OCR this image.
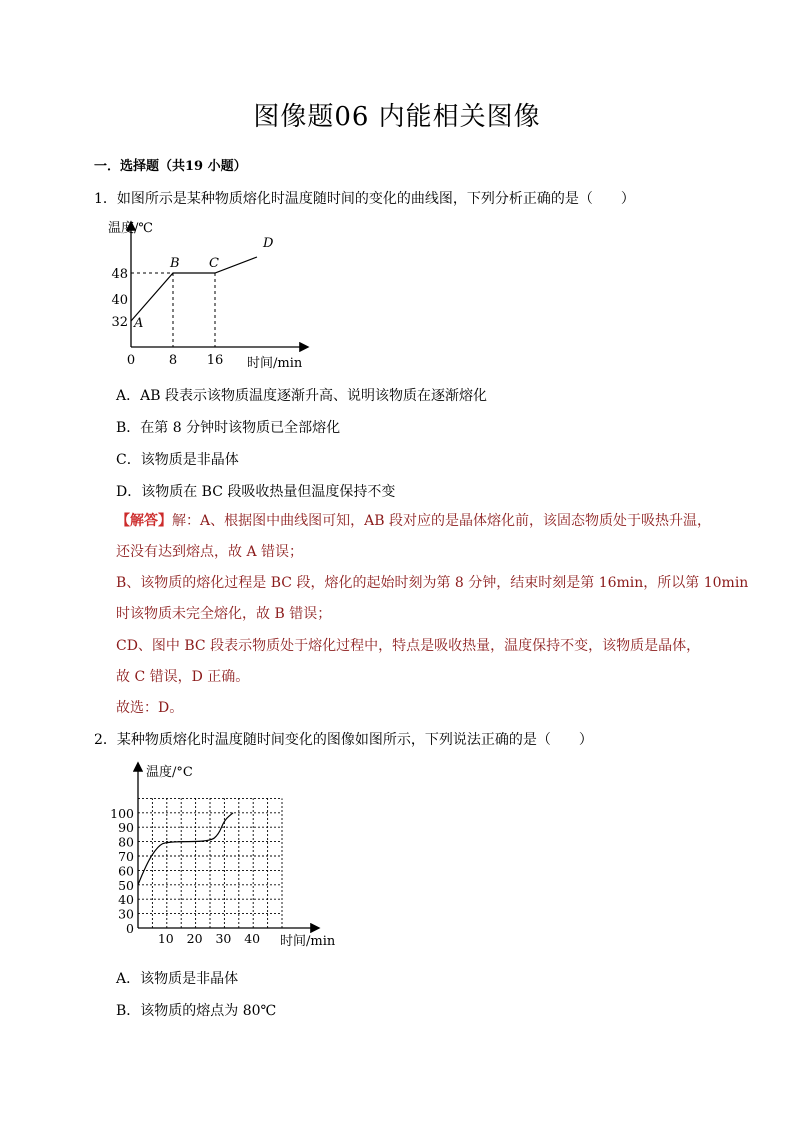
图像题06 内能相关图像
一．选择题（共19 小题）
1．如图所示是某种物质熔化时温度随时间的变化的曲线图，下列分析正确的是（　　）
32
40
48
0	8 16
A
B C
D
温度/℃
时间/min
A．AB 段表示该物质温度逐渐升高、说明该物质在逐渐熔化
B．在第 8 分钟时该物质已全部熔化
C．该物质是非晶体
D．该物质在 BC 段吸收热量但温度保持不变
【解答】解：A、根据图中曲线图可知，AB 段对应的是晶体熔化前，该固态物质处于吸热升温，
还没有达到熔点，故 A 错误；
B、该物质的熔化过程是 BC 段，熔化的起始时刻为第 8 分钟，结束时刻是第 16min，所以第 10min
时该物质未完全熔化，故 B 错误；
CD、图中 BC 段表示物质处于熔化过程中，特点是吸收热量，温度保持不变，该物质是晶体，
故 C 错误，D 正确。
故选：D。
2．某种物质熔化时温度随时间变化的图像如图所示，下列说法正确的是（　　）
0
30
40
50
60
70
80
90
100
10 20 30 40
温度/°C
时间/min
A．该物质是非晶体
B．该物质的熔点为 80℃
